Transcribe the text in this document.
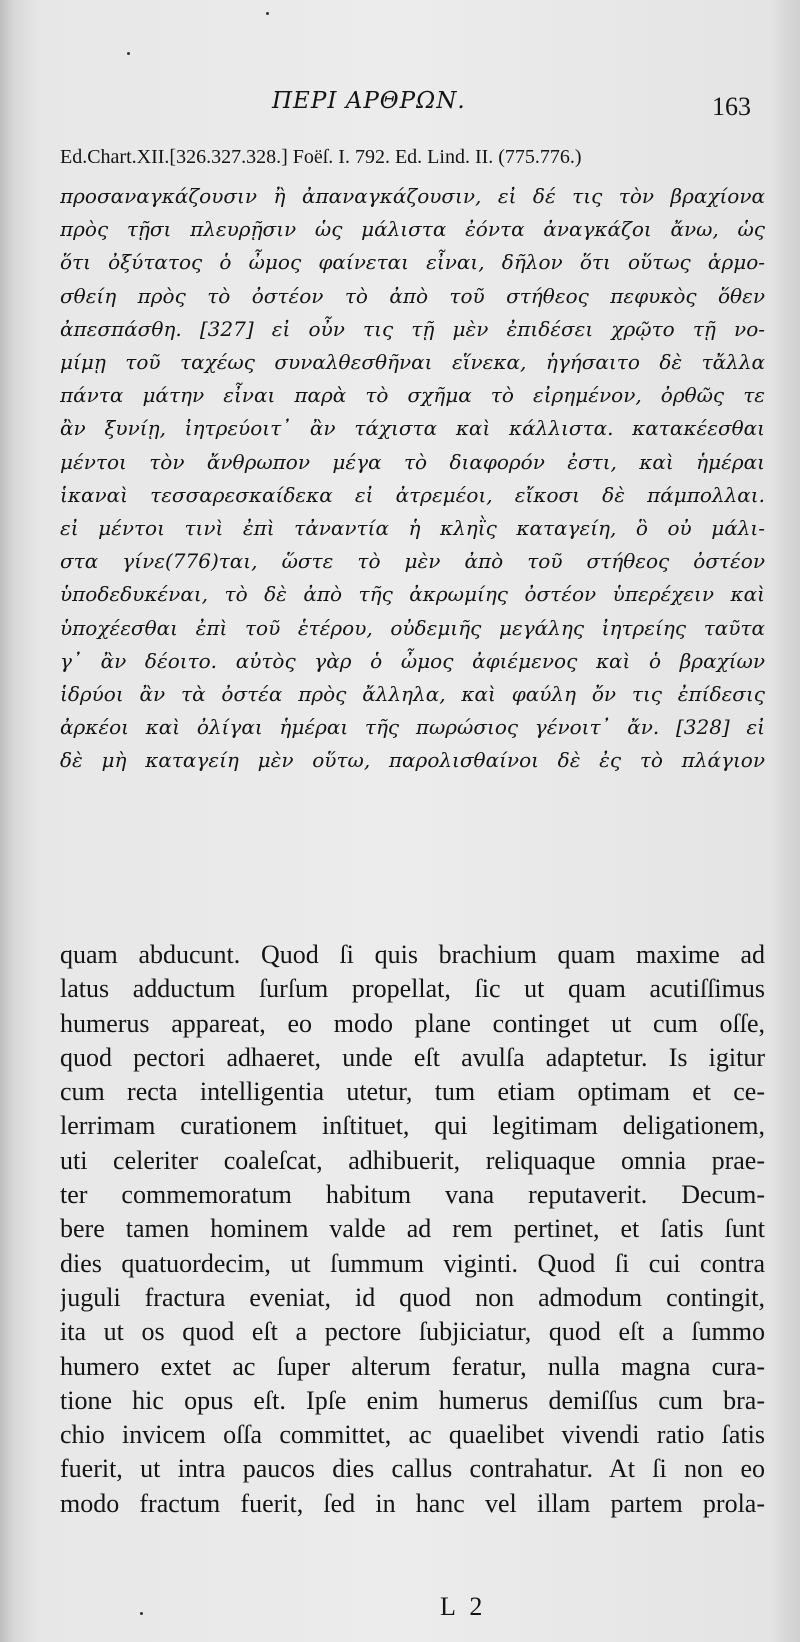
ΠΕΡΙ ΑΡΘΡΩΝ.	163
Ed.Chart.XII.[326.327.328.] Foëſ. I. 792. Ed. Lind. II. (775.776.)
προσαναγκάζουσιν ἢ ἀπαναγκάζουσιν, εἰ δέ τις τὸν βραχίονα
πρὸς τῇσι πλευρῇσιν ὡς μάλιστα ἐόντα ἀναγκάζοι ἄνω, ὡς
ὅτι ὀξύτατος ὁ ὦμος φαίνεται εἶναι, δῆλον ὅτι οὕτως ἁρμο-
σθείη πρὸς τὸ ὀστέον τὸ ἀπὸ τοῦ στήθεος πεφυκὸς ὅθεν
ἀπεσπάσθη. [327] εἰ οὖν τις τῇ μὲν ἐπιδέσει χρῷτο τῇ νο-
μίμῃ τοῦ ταχέως συναλθεσθῆναι εἵνεκα, ἡγήσαιτο δὲ τἄλλα
πάντα μάτην εἶναι παρὰ τὸ σχῆμα τὸ εἰρημένον, ὀρθῶς τε
ἂν ξυνίῃ, ἰητρεύοιτ᾽ ἂν τάχιστα καὶ κάλλιστα. κατακέεσθαι
μέντοι τὸν ἄνθρωπον μέγα τὸ διαφορόν ἐστι, καὶ ἡμέραι
ἱκαναὶ τεσσαρεσκαίδεκα εἰ ἀτρεμέοι, εἴκοσι δὲ πάμπολλαι.
εἰ μέντοι τινὶ ἐπὶ τἀναντία ἡ κληῒς καταγείη, ὃ οὐ μάλι-
στα γίνε(776)ται, ὥστε τὸ μὲν ἀπὸ τοῦ στήθεος ὀστέον
ὑποδεδυκέναι, τὸ δὲ ἀπὸ τῆς ἀκρωμίης ὀστέον ὑπερέχειν καὶ
ὑποχέεσθαι ἐπὶ τοῦ ἑτέρου, οὐδεμιῆς μεγάλης ἰητρείης ταῦτα
γ᾽ ἂν δέοιτο. αὐτὸς γὰρ ὁ ὦμος ἀφιέμενος καὶ ὁ βραχίων
ἱδρύοι ἂν τὰ ὀστέα πρὸς ἄλληλα, καὶ φαύλη ὄν τις ἐπίδεσις
ἀρκέοι καὶ ὀλίγαι ἡμέραι τῆς πωρώσιος γένοιτ᾽ ἄν. [328] εἰ
δὲ μὴ καταγείη μὲν οὕτω, παρολισθαίνοι δὲ ἐς τὸ πλάγιον
quam abducunt. Quod ſi quis brachium quam maxime ad
latus adductum ſurſum propellat, ſic ut quam acutiſſimus
humerus appareat, eo modo plane continget ut cum oſſe,
quod pectori adhaeret, unde eſt avulſa adaptetur. Is igitur
cum recta intelligentia utetur, tum etiam optimam et ce-
lerrimam curationem inſtituet, qui legitimam deligationem,
uti celeriter coaleſcat, adhibuerit, reliquaque omnia prae-
ter commemoratum habitum vana reputaverit. Decum-
bere tamen hominem valde ad rem pertinet, et ſatis ſunt
dies quatuordecim, ut ſummum viginti. Quod ſi cui contra
juguli fractura eveniat, id quod non admodum contingit,
ita ut os quod eſt a pectore ſubjiciatur, quod eſt a ſummo
humero extet ac ſuper alterum feratur, nulla magna cura-
tione hic opus eſt. Ipſe enim humerus demiſſus cum bra-
chio invicem oſſa committet, ac quaelibet vivendi ratio ſatis
fuerit, ut intra paucos dies callus contrahatur. At ſi non eo
modo fractum fuerit, ſed in hanc vel illam partem prola-
L 2
